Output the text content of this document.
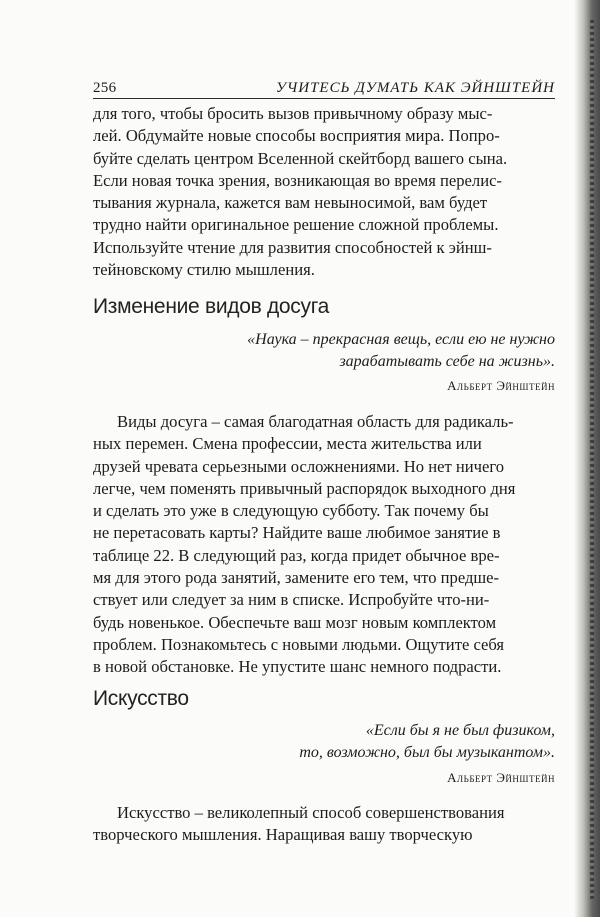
256	УЧИТЕСЬ ДУМАТЬ КАК ЭЙНШТЕЙН
для того, чтобы бросить вызов привычному образу мыс-
лей. Обдумайте новые способы восприятия мира. Попро-
буйте сделать центром Вселенной скейтборд вашего сына.
Если новая точка зрения, возникающая во время перелис-
тывания журнала, кажется вам невыносимой, вам будет
трудно найти оригинальное решение сложной проблемы.
Используйте чтение для развития способностей к эйнш-
тейновскому стилю мышления.
Изменение видов досуга
«Наука – прекрасная вещь, если ею не нужно
зарабатывать себе на жизнь».
Альберт Эйнштейн
Виды досуга – самая благодатная область для радикаль-
ных перемен. Смена профессии, места жительства или
друзей чревата серьезными осложнениями. Но нет ничего
легче, чем поменять привычный распорядок выходного дня
и сделать это уже в следующую субботу. Так почему бы
не перетасовать карты? Найдите ваше любимое занятие в
таблице 22. В следующий раз, когда придет обычное вре-
мя для этого рода занятий, замените его тем, что предше-
ствует или следует за ним в списке. Испробуйте что-ни-
будь новенькое. Обеспечьте ваш мозг новым комплектом
проблем. Познакомьтесь с новыми людьми. Ощутите себя
в новой обстановке. Не упустите шанс немного подрасти.
Искусство
«Если бы я не был физиком,
то, возможно, был бы музыкантом».
Альберт Эйнштейн
Искусство – великолепный способ совершенствования
творческого мышления. Наращивая вашу творческую
